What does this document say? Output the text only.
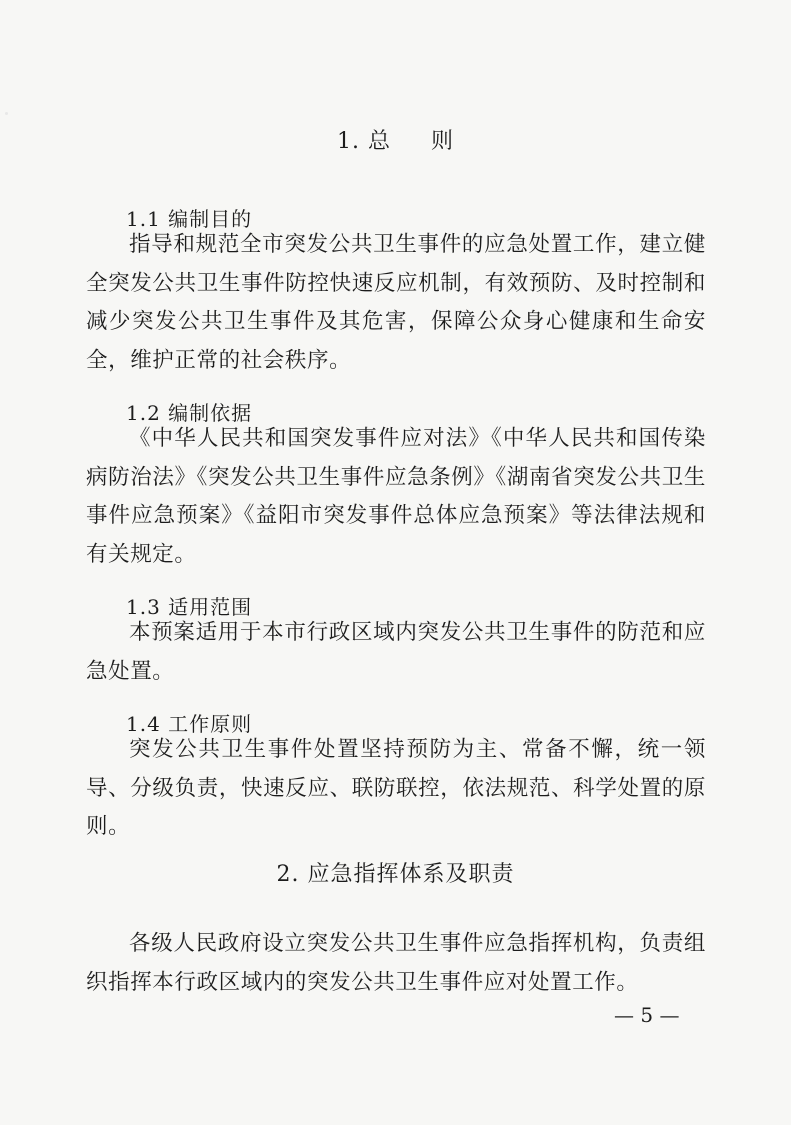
1. 总     则
1.1 编制目的

指导和规范全市突发公共卫生事件的应急处置工作，建立健全突发公共卫生事件防控快速反应机制，有效预防、及时控制和减少突发公共卫生事件及其危害，保障公众身心健康和生命安全，维护正常的社会秩序。

1.2 编制依据

《中华人民共和国突发事件应对法》《中华人民共和国传染病防治法》《突发公共卫生事件应急条例》《湖南省突发公共卫生事件应急预案》《益阳市突发事件总体应急预案》等法律法规和有关规定。

1.3 适用范围

本预案适用于本市行政区域内突发公共卫生事件的防范和应急处置。

1.4 工作原则

突发公共卫生事件处置坚持预防为主、常备不懈，统一领导、分级负责，快速反应、联防联控，依法规范、科学处置的原则。

2. 应急指挥体系及职责

各级人民政府设立突发公共卫生事件应急指挥机构，负责组织指挥本行政区域内的突发公共卫生事件应对处置工作。

— 5 —
